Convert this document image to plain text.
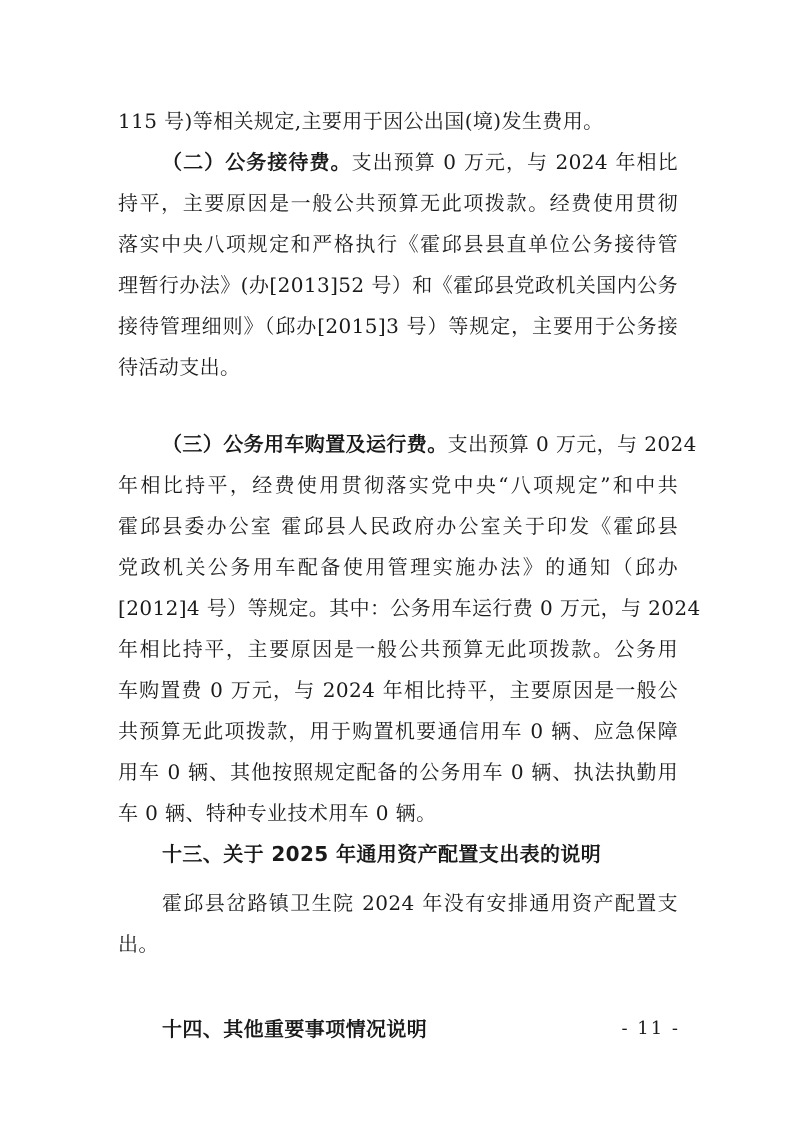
115 号)等相关规定,主要用于因公出国(境)发生费用。
（二）公务接待费。支出预算 0 万元，与 2024 年相比
持平，主要原因是一般公共预算无此项拨款。经费使用贯彻
落实中央八项规定和严格执行《霍邱县县直单位公务接待管
理暂行办法》(办[2013]52 号）和《霍邱县党政机关国内公务
接待管理细则》（邱办[2015]3 号）等规定，主要用于公务接
待活动支出。
（三）公务用车购置及运行费。支出预算 0 万元，与 2024
年相比持平，经费使用贯彻落实党中央“八项规定”和中共
霍邱县委办公室 霍邱县人民政府办公室关于印发《霍邱县
党政机关公务用车配备使用管理实施办法》的通知（邱办
[2012]4 号）等规定。其中：公务用车运行费 0 万元，与 2024
年相比持平，主要原因是一般公共预算无此项拨款。公务用
车购置费 0 万元，与 2024 年相比持平，主要原因是一般公
共预算无此项拨款，用于购置机要通信用车 0 辆、应急保障
用车 0 辆、其他按照规定配备的公务用车 0 辆、执法执勤用
车 0 辆、特种专业技术用车 0 辆。
十三、关于 2025 年通用资产配置支出表的说明
霍邱县岔路镇卫生院 2024 年没有安排通用资产配置支
出。
十四、其他重要事项情况说明	- 11 -
